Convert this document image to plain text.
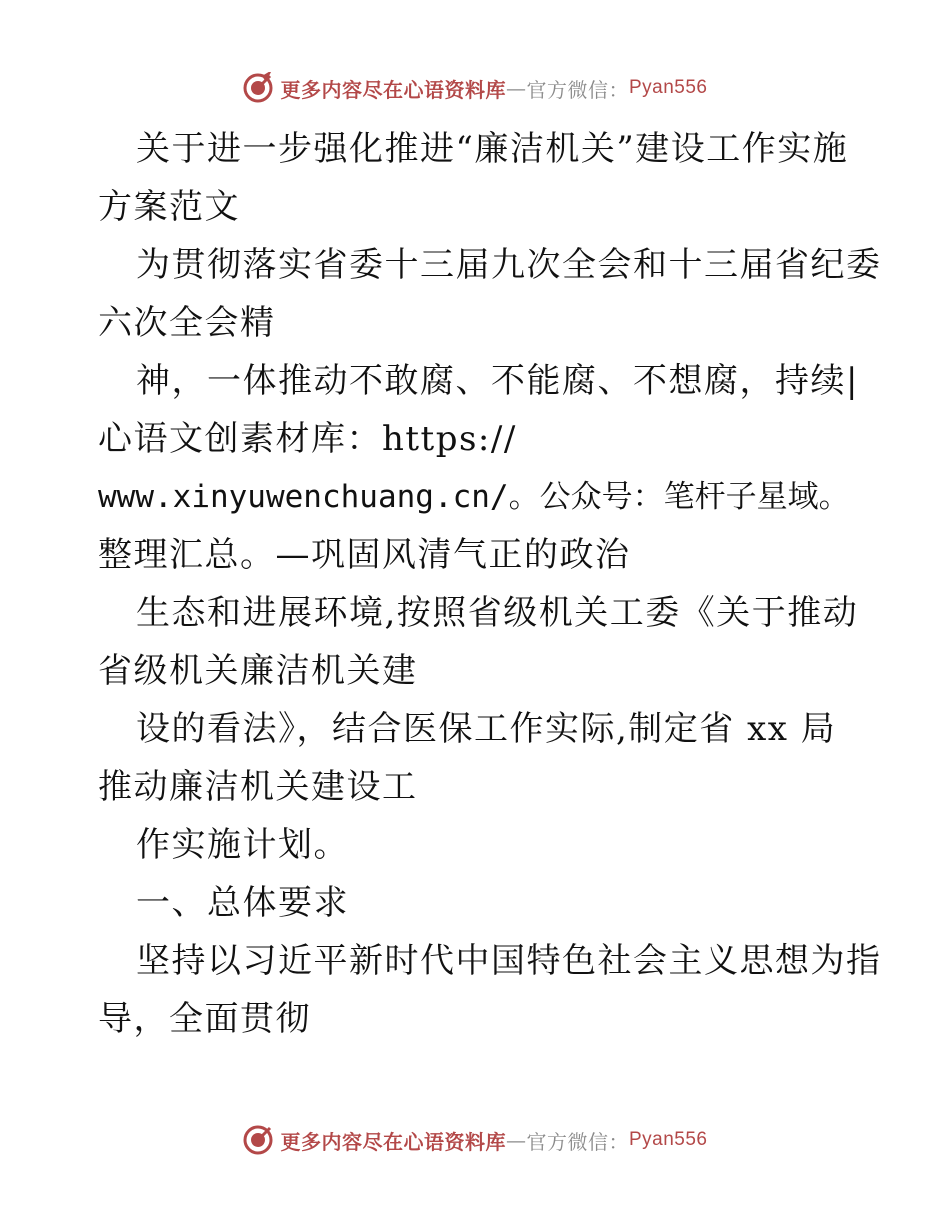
更多内容尽在心语资料库 — 官方微信： Pyan556
关于进一步强化推进“廉洁机关”建设工作实施
方案范文
为贯彻落实省委十三届九次全会和十三届省纪委
六次全会精
神，一体推动不敢腐、不能腐、不想腐，持续|
心语文创素材库：https://
www.xinyuwenchuang.cn/。公众号：笔杆子星域。
整理汇总。—巩固风清气正的政治
生态和进展环境,按照省级机关工委《关于推动
省级机关廉洁机关建
设的看法》，结合医保工作实际,制定省 xx 局
推动廉洁机关建设工
作实施计划。
一、总体要求
坚持以习近平新时代中国特色社会主义思想为指
导，全面贯彻
更多内容尽在心语资料库 — 官方微信： Pyan556
